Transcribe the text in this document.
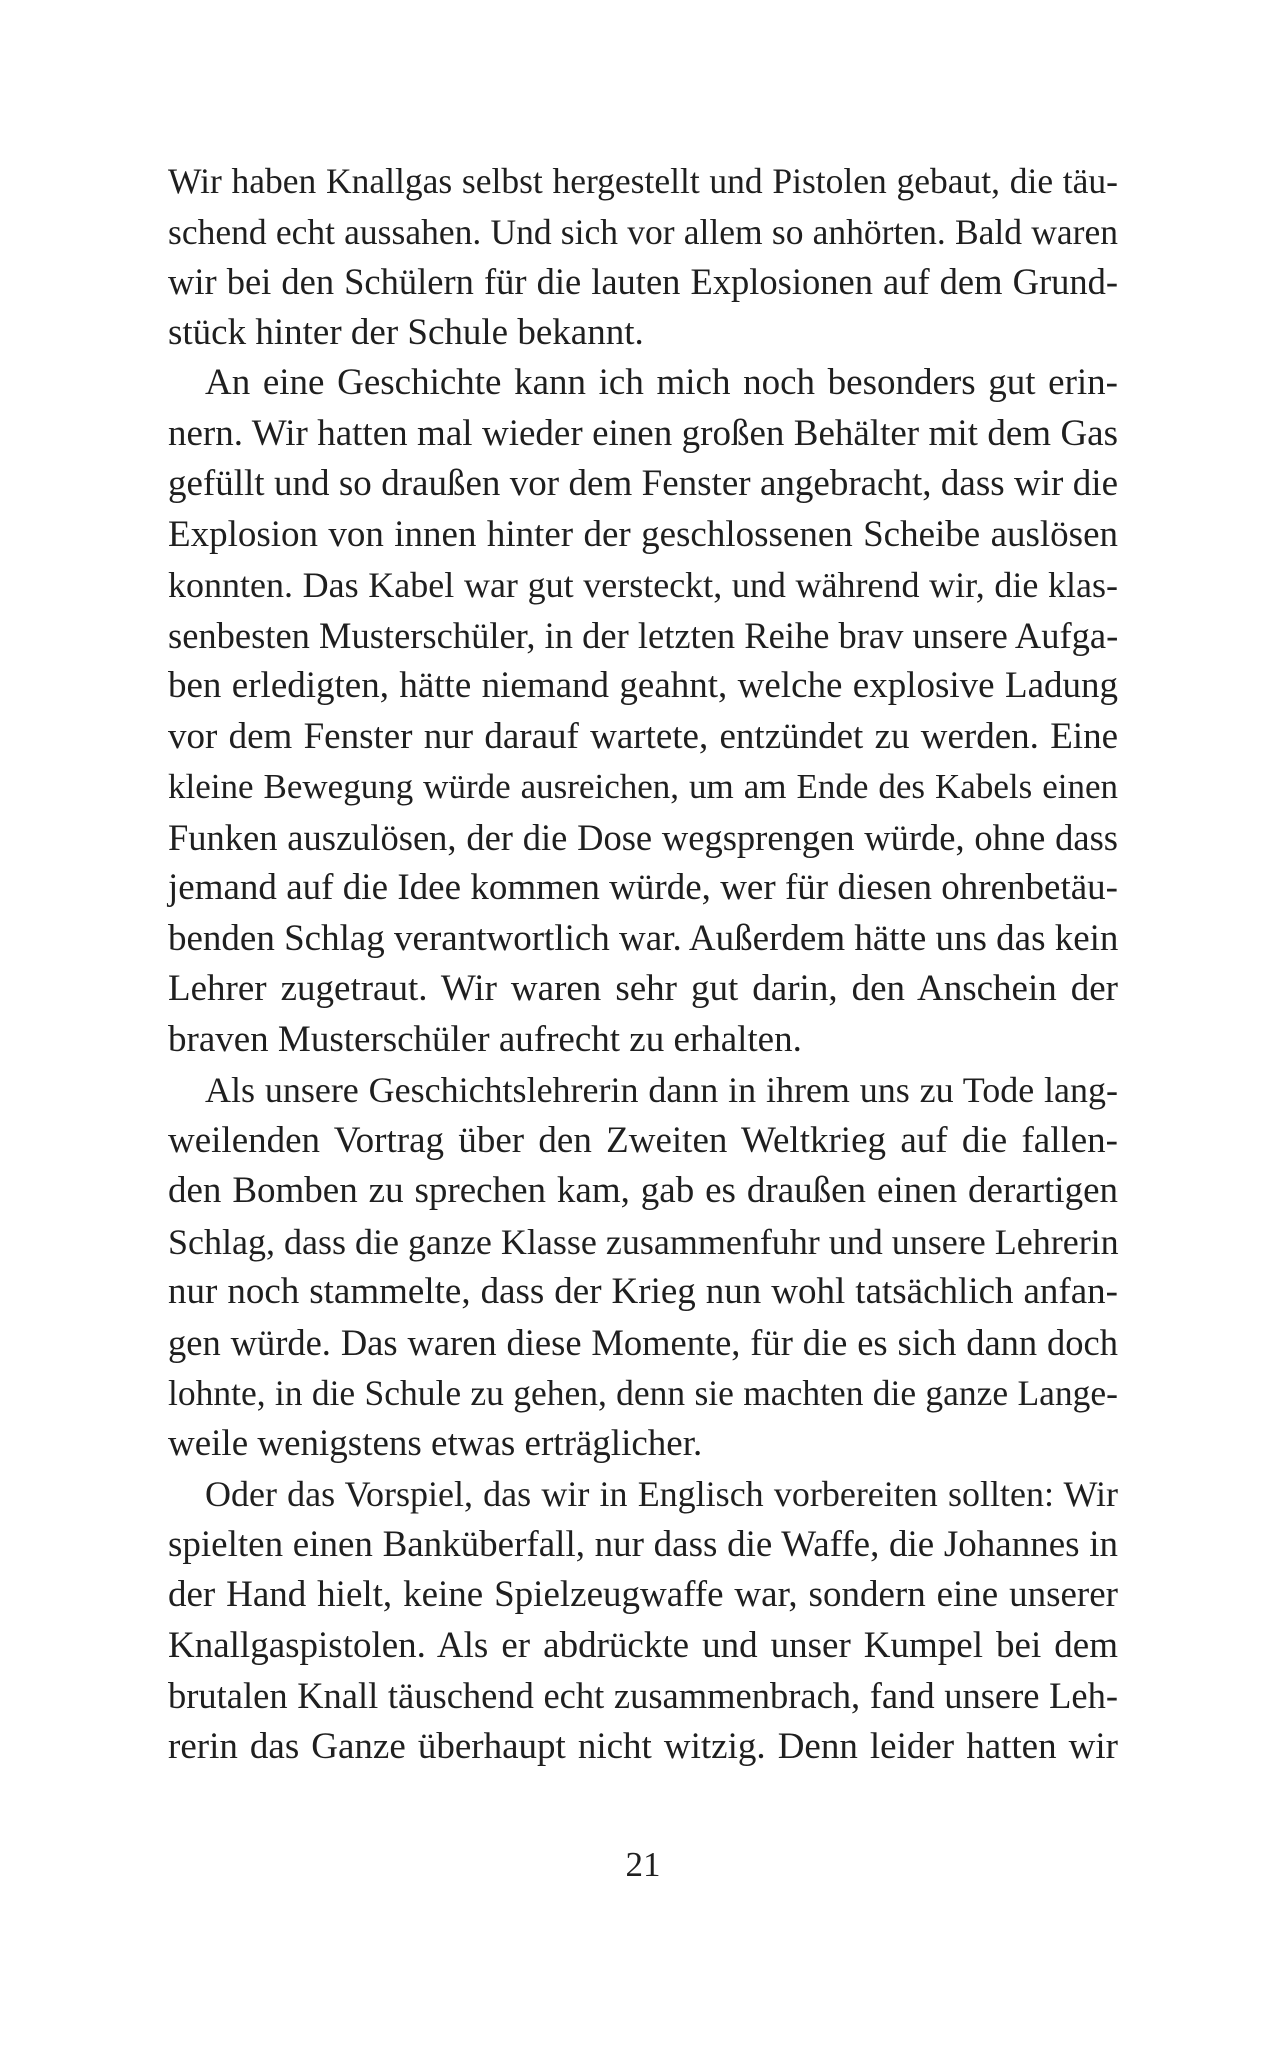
Wir haben Knallgas selbst hergestellt und Pistolen gebaut, die täu-
schend echt aussahen. Und sich vor allem so anhörten. Bald waren
wir bei den Schülern für die lauten Explosionen auf dem Grund-
stück hinter der Schule bekannt.
An eine Geschichte kann ich mich noch besonders gut erin-
nern. Wir hatten mal wieder einen großen Behälter mit dem Gas
gefüllt und so draußen vor dem Fenster angebracht, dass wir die
Explosion von innen hinter der geschlossenen Scheibe auslösen
konnten. Das Kabel war gut versteckt, und während wir, die klas-
senbesten Musterschüler, in der letzten Reihe brav unsere Aufga-
ben erledigten, hätte niemand geahnt, welche explosive Ladung
vor dem Fenster nur darauf wartete, entzündet zu werden. Eine
kleine Bewegung würde ausreichen, um am Ende des Kabels einen
Funken auszulösen, der die Dose wegsprengen würde, ohne dass
jemand auf die Idee kommen würde, wer für diesen ohrenbetäu-
benden Schlag verantwortlich war. Außerdem hätte uns das kein
Lehrer zugetraut. Wir waren sehr gut darin, den Anschein der
braven Musterschüler aufrecht zu erhalten.
Als unsere Geschichtslehrerin dann in ihrem uns zu Tode lang-
weilenden Vortrag über den Zweiten Weltkrieg auf die fallen-
den Bomben zu sprechen kam, gab es draußen einen derartigen
Schlag, dass die ganze Klasse zusammenfuhr und unsere Lehrerin
nur noch stammelte, dass der Krieg nun wohl tatsächlich anfan-
gen würde. Das waren diese Momente, für die es sich dann doch
lohnte, in die Schule zu gehen, denn sie machten die ganze Lange-
weile wenigstens etwas erträglicher.
Oder das Vorspiel, das wir in Englisch vorbereiten sollten: Wir
spielten einen Banküberfall, nur dass die Waffe, die Johannes in
der Hand hielt, keine Spielzeugwaffe war, sondern eine unserer
Knallgaspistolen. Als er abdrückte und unser Kumpel bei dem
brutalen Knall täuschend echt zusammenbrach, fand unsere Leh-
rerin das Ganze überhaupt nicht witzig. Denn leider hatten wir
21
